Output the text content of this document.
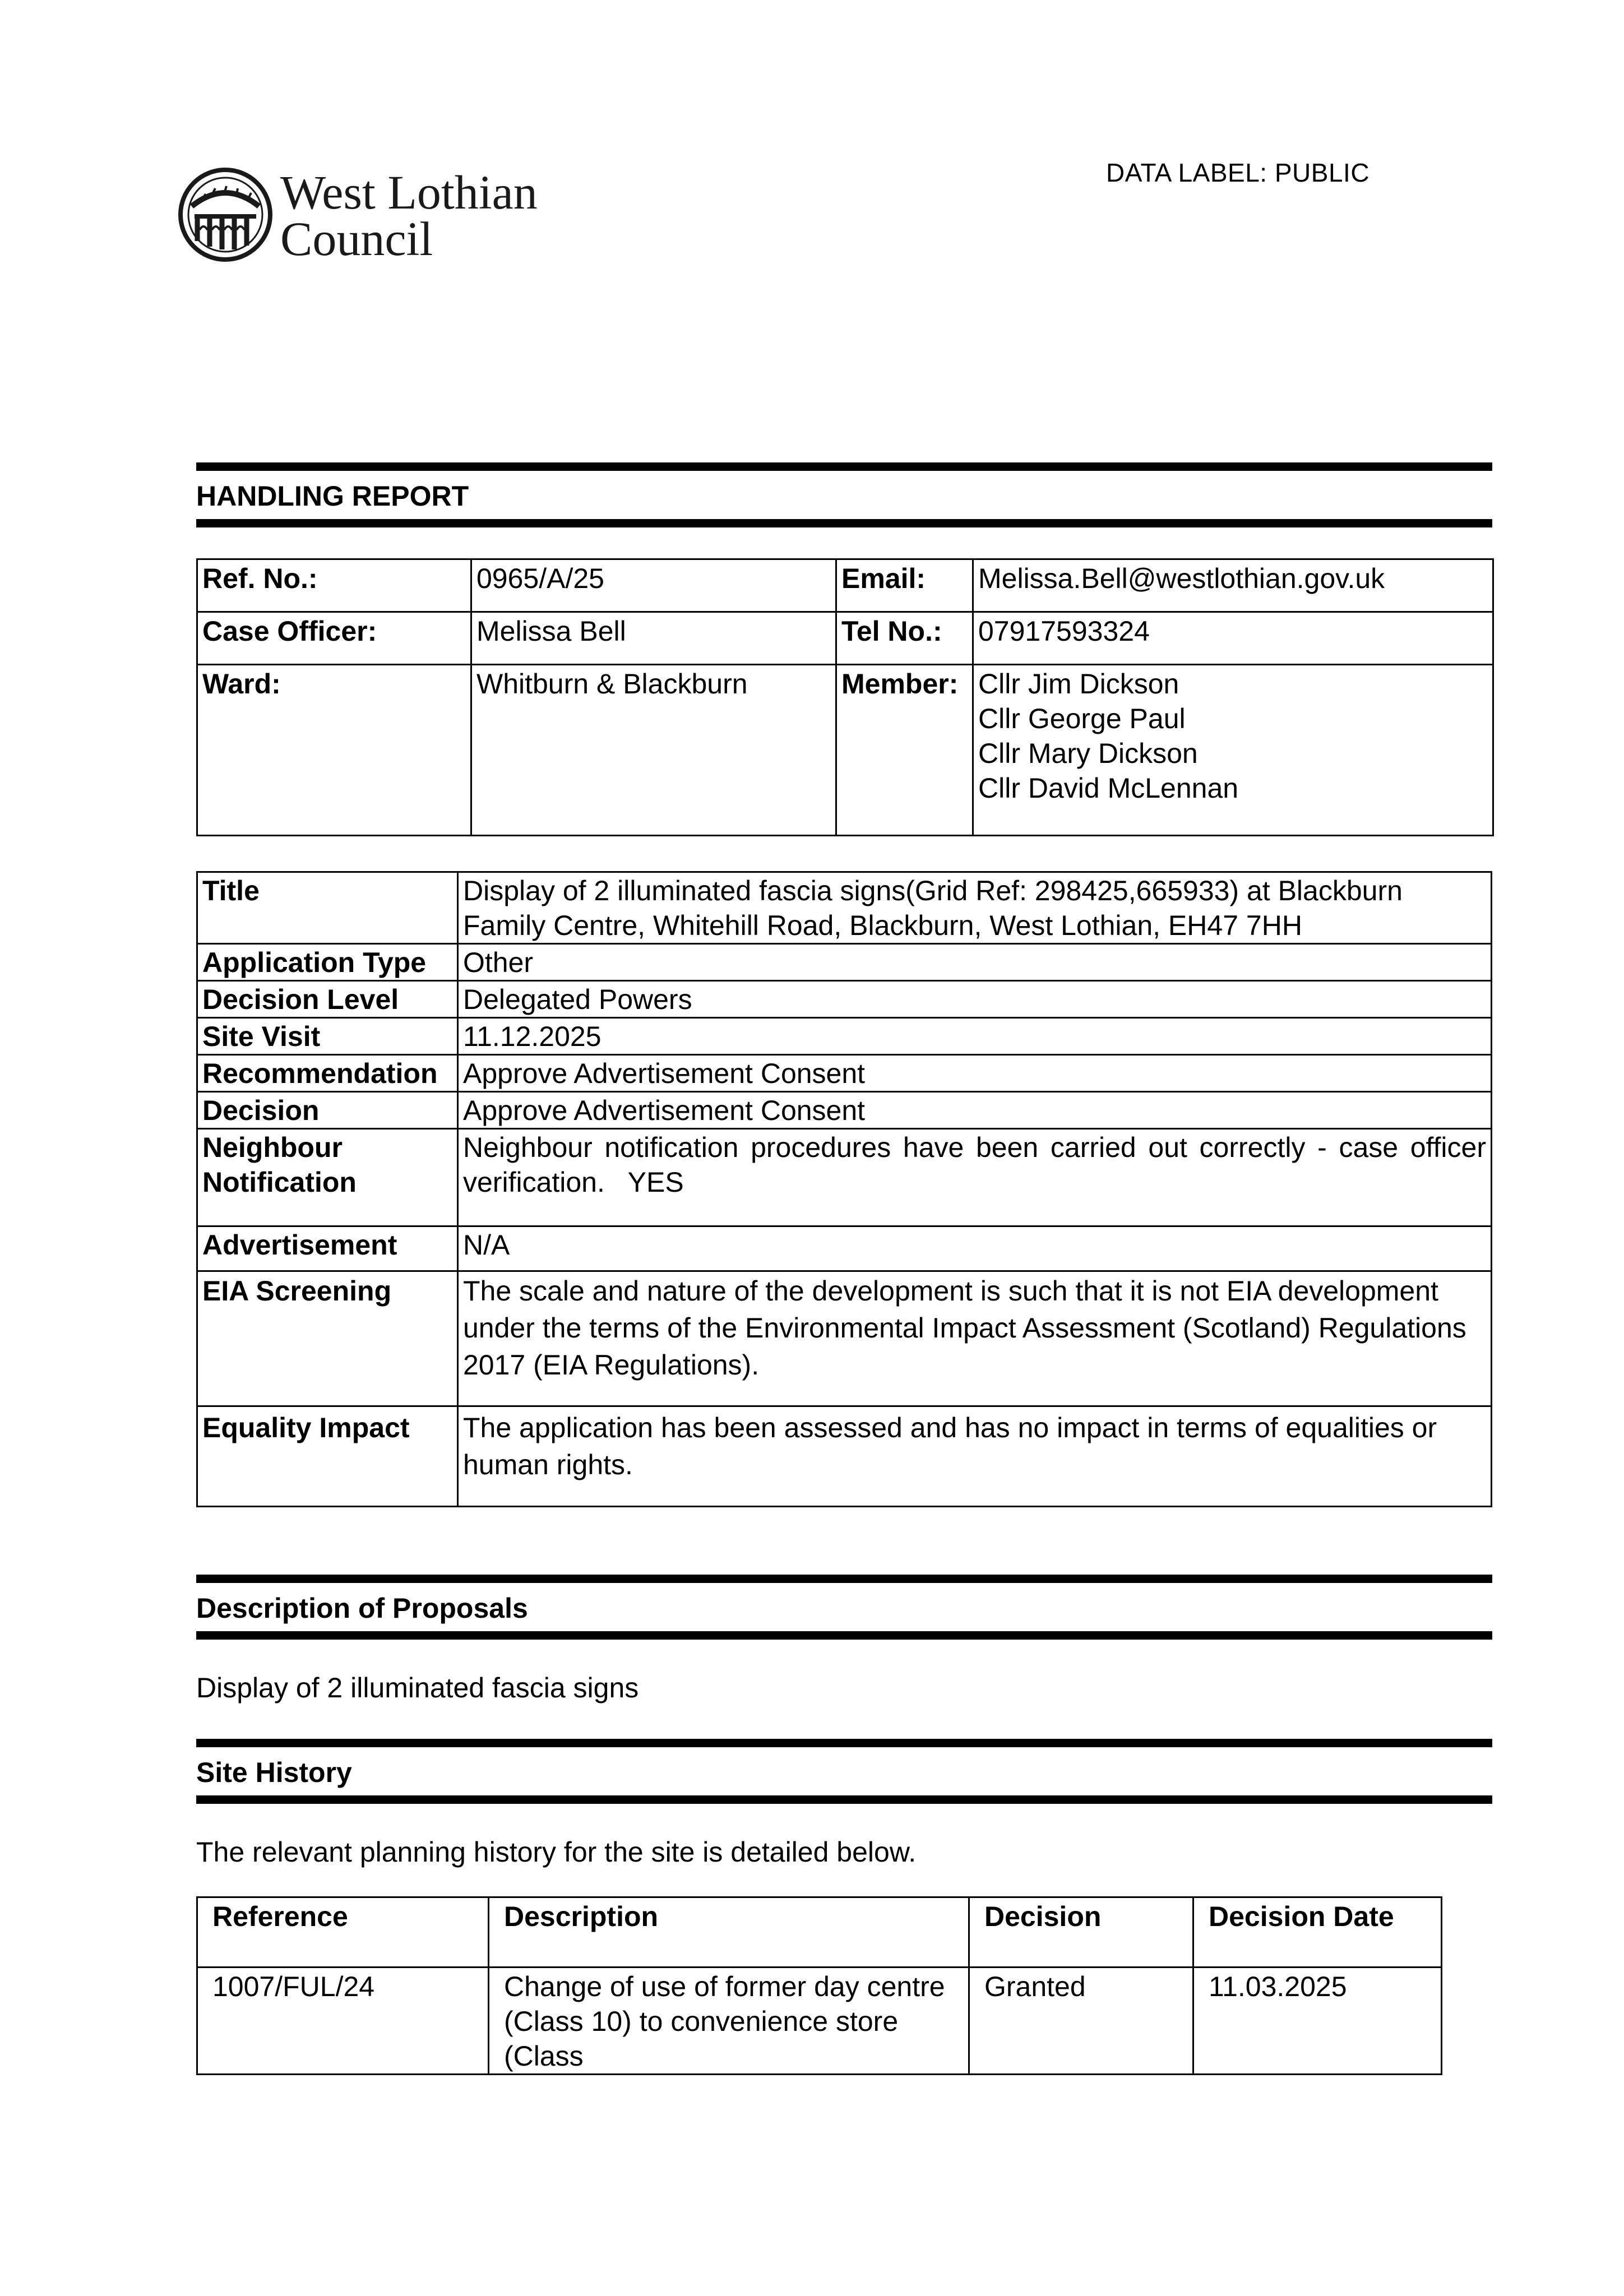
West Lothian
Council
DATA LABEL: PUBLIC
HANDLING REPORT
Ref. No.:	0965/A/25	Email:	Melissa.Bell@westlothian.gov.uk
Case Officer:	Melissa Bell	Tel No.:	07917593324
Ward:	Whitburn & Blackburn	Member:	Cllr Jim Dickson
Cllr George Paul
Cllr Mary Dickson
Cllr David McLennan
Title	Display of 2 illuminated fascia signs(Grid Ref: 298425,665933) at Blackburn Family Centre, Whitehill Road, Blackburn, West Lothian, EH47 7HH
Application Type	Other
Decision Level	Delegated Powers
Site Visit	11.12.2025
Recommendation	Approve Advertisement Consent
Decision	Approve Advertisement Consent
Neighbour Notification	Neighbour notification procedures have been carried out correctly - case officer verification.   YES
Advertisement	N/A
EIA Screening	The scale and nature of the development is such that it is not EIA development under the terms of the Environmental Impact Assessment (Scotland) Regulations 2017 (EIA Regulations).
Equality Impact	The application has been assessed and has no impact in terms of equalities or human rights.
Description of Proposals
Display of 2 illuminated fascia signs
Site History
The relevant planning history for the site is detailed below.
Reference	Description	Decision	Decision Date
1007/FUL/24	Change of use of former day centre (Class 10) to convenience store (Class	Granted	11.03.2025
